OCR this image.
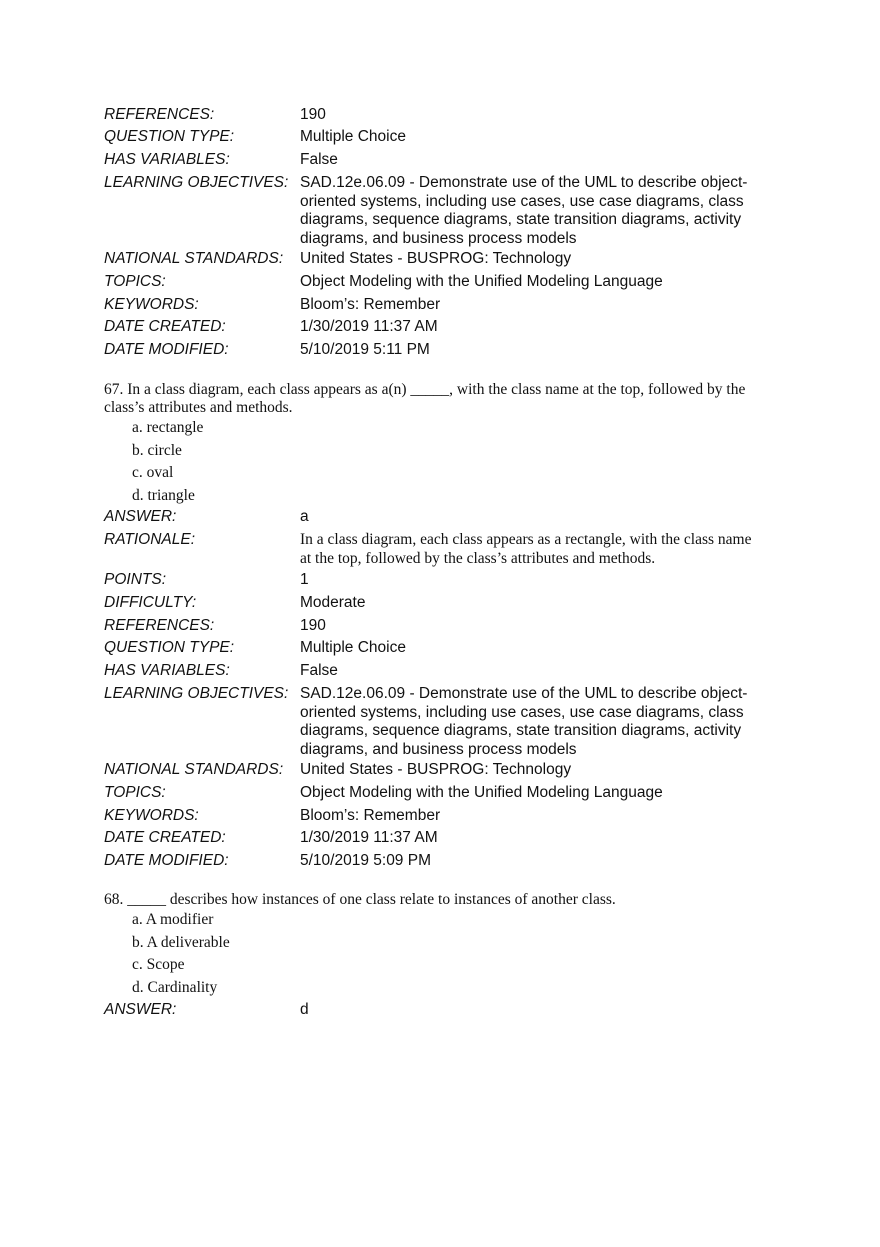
REFERENCES:	190
QUESTION TYPE:	Multiple Choice
HAS VARIABLES:	False
LEARNING OBJECTIVES: SAD.12e.06.09 - Demonstrate use of the UML to describe object-oriented systems, including use cases, use case diagrams, class diagrams, sequence diagrams, state transition diagrams, activity diagrams, and business process models
NATIONAL STANDARDS: United States - BUSPROG: Technology
TOPICS:	Object Modeling with the Unified Modeling Language
KEYWORDS:	Bloom’s: Remember
DATE CREATED:	1/30/2019 11:37 AM
DATE MODIFIED:	5/10/2019 5:11 PM
67. In a class diagram, each class appears as a(n) _____, with the class name at the top, followed by the class’s attributes and methods.
a. rectangle
b. circle
c. oval
d. triangle
ANSWER:	a
RATIONALE:	In a class diagram, each class appears as a rectangle, with the class name at the top, followed by the class’s attributes and methods.
POINTS:	1
DIFFICULTY:	Moderate
REFERENCES:	190
QUESTION TYPE:	Multiple Choice
HAS VARIABLES:	False
LEARNING OBJECTIVES: SAD.12e.06.09 - Demonstrate use of the UML to describe object-oriented systems, including use cases, use case diagrams, class diagrams, sequence diagrams, state transition diagrams, activity diagrams, and business process models
NATIONAL STANDARDS: United States - BUSPROG: Technology
TOPICS:	Object Modeling with the Unified Modeling Language
KEYWORDS:	Bloom’s: Remember
DATE CREATED:	1/30/2019 11:37 AM
DATE MODIFIED:	5/10/2019 5:09 PM
68. _____ describes how instances of one class relate to instances of another class.
a. A modifier
b. A deliverable
c. Scope
d. Cardinality
ANSWER:	d
